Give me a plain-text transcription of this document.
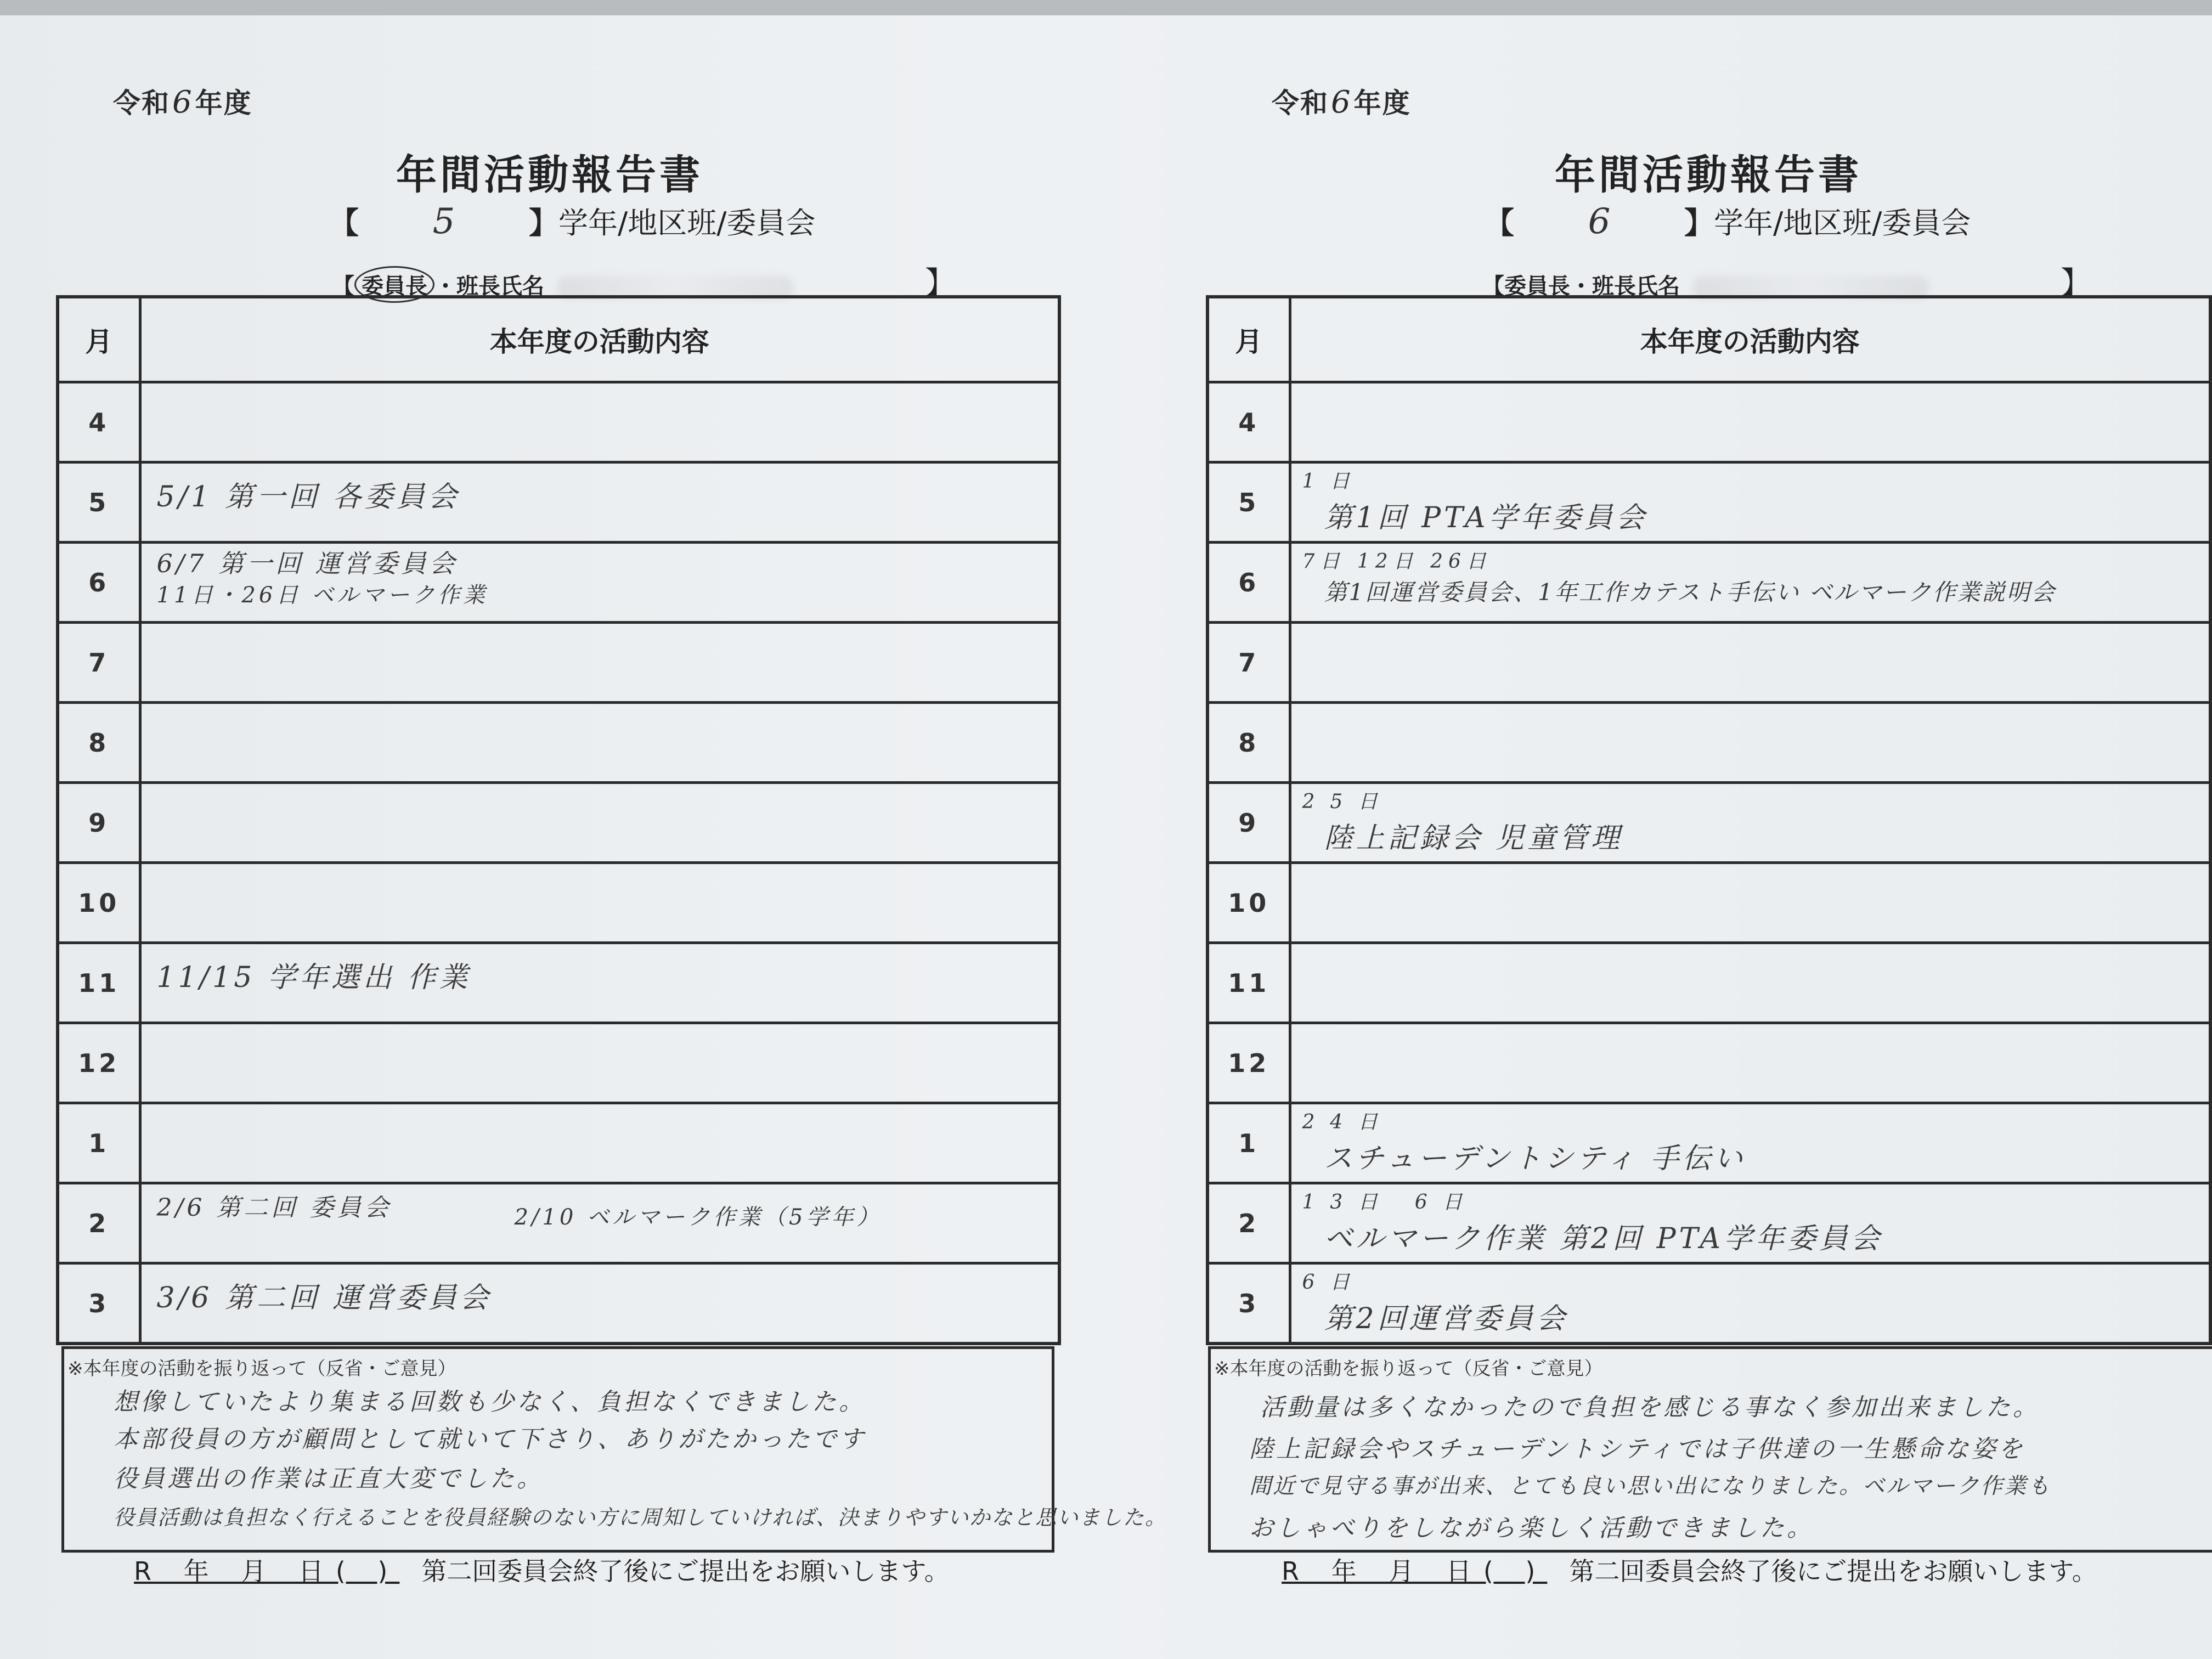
令和6年度
年間活動報告書
【 5 】学年/地区班/委員会
【 委員長 ・班長氏名	】
月	本年度の活動内容
4	
5	5/1 第一回 各委員会

6	6/7 第一回 運営委員会
11日・26日 ベルマーク作業

7	
8	
9	
10	
11	11/15 学年選出 作業

12	
1	
2	2/6 第二回 委員会 2/10 ベルマーク作業（5学年）

3	3/6 第二回 運営委員会
※本年度の活動を振り返って（反省・ご意見）
想像していたより集まる回数も少なく、負担なくできました。
本部役員の方が顧問として就いて下さり、ありがたかったです
役員選出の作業は正直大変でした。
役員活動は負担なく行えることを役員経験のない方に周知していければ、決まりやすいかなと思いました。
R 年 月 日( ) 第二回委員会終了後にご提出をお願いします。
令和6年度
年間活動報告書
【 6 】学年/地区班/委員会
【委員長・班長氏名	】
月	本年度の活動内容
4	
5	1日
第1回 PTA学年委員会

6	7日 12日 26日
第1回運営委員会、1年工作カテスト手伝い ベルマーク作業説明会

7	
8	
9	25日
陸上記録会 児童管理

10	
11	
12	
1	24日
スチューデントシティ 手伝い

2	13日 6日
ベルマーク作業 第2回 PTA学年委員会

3	6日
第2回運営委員会
※本年度の活動を振り返って（反省・ご意見）
活動量は多くなかったので負担を感じる事なく参加出来ました。
陸上記録会やスチューデントシティでは子供達の一生懸命な姿を
間近で見守る事が出来、とても良い思い出になりました。ベルマーク作業も
おしゃべりをしながら楽しく活動できました。
R 年 月 日( ) 第二回委員会終了後にご提出をお願いします。
